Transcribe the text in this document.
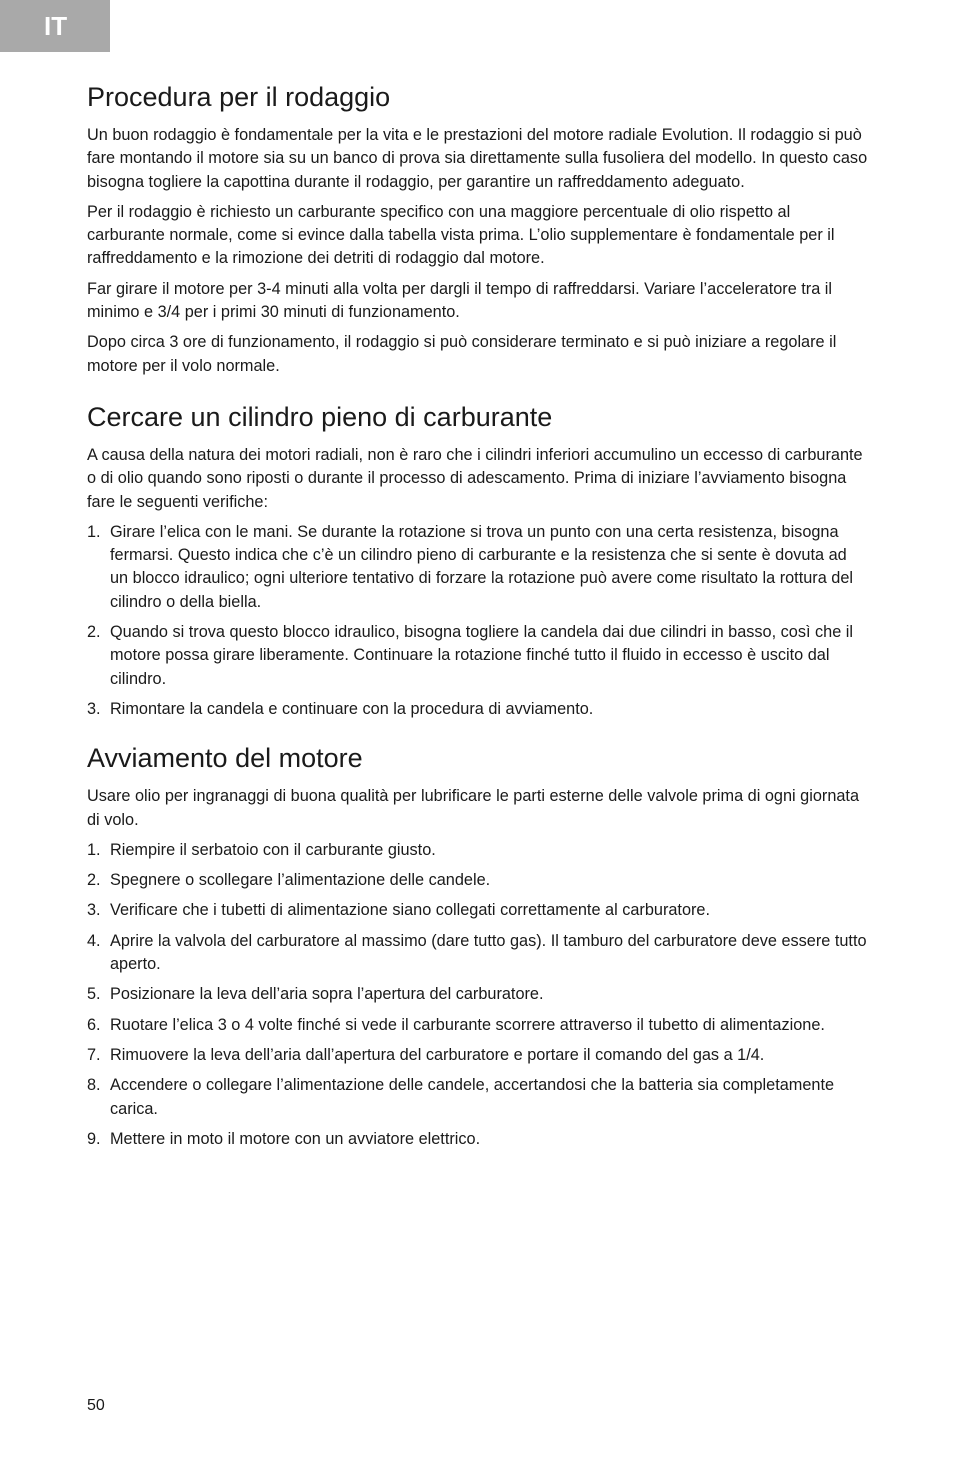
IT
Procedura per il rodaggio

Un buon rodaggio è fondamentale per la vita e le prestazioni del motore radiale Evolution. Il rodaggio si può fare montando il motore sia su un banco di prova sia direttamente sulla fusoliera del modello. In questo caso bisogna togliere la capottina durante il rodaggio, per garantire un raffreddamento adeguato.

Per il rodaggio è richiesto un carburante specifico con una maggiore percentuale di olio rispetto al carburante normale, come si evince dalla tabella vista prima. L’olio supplementare è fondamentale per il raffreddamento e la rimozione dei detriti di rodaggio dal motore.

Far girare il motore per 3-4 minuti alla volta per dargli il tempo di raffreddarsi. Variare l’acceleratore tra il minimo e 3/4 per i primi 30 minuti di funzionamento.

Dopo circa 3 ore di funzionamento, il rodaggio si può considerare terminato e si può iniziare a regolare il motore per il volo normale.

Cercare un cilindro pieno di carburante

A causa della natura dei motori radiali, non è raro che i cilindri inferiori accumulino un eccesso di carburante o di olio quando sono riposti o durante il processo di adescamento. Prima di iniziare l’avviamento bisogna fare le seguenti verifiche:

1. Girare l’elica con le mani. Se durante la rotazione si trova un punto con una certa resistenza, bisogna fermarsi. Questo indica che c’è un cilindro pieno di carburante e la resistenza che si sente è dovuta ad un blocco idraulico; ogni ulteriore tentativo di forzare la rotazione può avere come risultato la rottura del cilindro o della biella.
2. Quando si trova questo blocco idraulico, bisogna togliere la candela dai due cilindri in basso, così che il motore possa girare liberamente. Continuare la rotazione finché tutto il fluido in eccesso è uscito dal cilindro.
3. Rimontare la candela e continuare con la procedura di avviamento.
Avviamento del motore

Usare olio per ingranaggi di buona qualità per lubrificare le parti esterne delle valvole prima di ogni giornata di volo.

1. Riempire il serbatoio con il carburante giusto.
2. Spegnere o scollegare l’alimentazione delle candele.
3. Verificare che i tubetti di alimentazione siano collegati correttamente al carburatore.
4. Aprire la valvola del carburatore al massimo (dare tutto gas). Il tamburo del carburatore deve essere tutto aperto.
5. Posizionare la leva dell’aria sopra l’apertura del carburatore.
6. Ruotare l’elica 3 o 4 volte finché si vede il carburante scorrere attraverso il tubetto di alimentazione.
7. Rimuovere la leva dell’aria dall’apertura del carburatore e portare il comando del gas a 1/4.
8. Accendere o collegare l’alimentazione delle candele, accertandosi che la batteria sia completamente carica.
9. Mettere in moto il motore con un avviatore elettrico.
50
